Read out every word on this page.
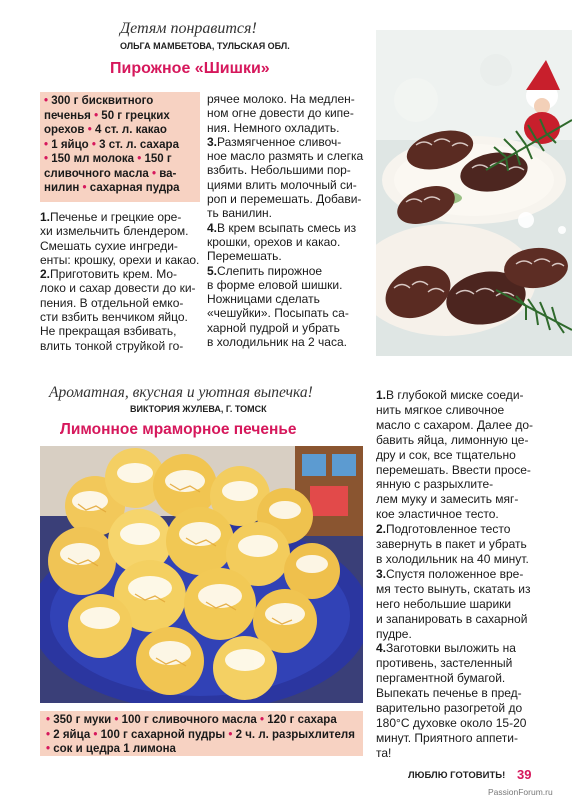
Детям понравится!
ОЛЬГА МАМБЕТОВА, ТУЛЬСКАЯ ОБЛ.
Пирожное «Шишки»
• 300 г бисквитного
печенья • 50 г грецких
орехов • 4 ст. л. какао
• 1 яйцо • 3 ст. л. сахара
• 150 мл молока • 150 г
сливочного масла • ва-
нилин • сахарная пудра

1.Печенье и грецкие оре-
хи измельчить блендером.
Смешать сухие ингреди-
енты: крошку, орехи и какао.

2.Приготовить крем. Мо-
локо и сахар довести до ки-
пения. В отдельной емко-
сти взбить венчиком яйцо.
Не прекращая взбивать,
влить тонкой струйкой го-

рячее молоко. На медлен-
ном огне довести до кипе-
ния. Немного охладить.

3.Размягченное сливоч-
ное масло размять и слегка
взбить. Небольшими пор-
циями влить молочный си-
роп и перемешать. Добави-
ть ванилин.

4.В крем всыпать смесь из
крошки, орехов и какао.
Перемешать.

5.Слепить пирожное
в форме еловой шишки.
Ножницами сделать
«чешуйки». Посыпать са-
харной пудрой и убрать
в холодильник на 2 часа.

Ароматная, вкусная и уютная выпечка!
ВИКТОРИЯ ЖУЛЕВА, Г. ТОМСК
Лимонное мраморное печенье
• 350 г муки • 100 г сливочного масла • 120 г сахара
• 2 яйца • 100 г сахарной пудры • 2 ч. л. разрыхлителя
• сок и цедра 1 лимона

1.В глубокой миске соеди-
нить мягкое сливочное
масло с сахаром. Далее до-
бавить яйца, лимонную це-
дру и сок, все тщательно
перемешать. Ввести просе-
янную с разрыхлите-
лем муку и замесить мяг-
кое эластичное тесто.

2.Подготовленное тесто
завернуть в пакет и убрать
в холодильник на 40 минут.

3.Спустя положенное вре-
мя тесто вынуть, скатать из
него небольшие шарики
и запанировать в сахарной
пудре.

4.Заготовки выложить на
противень, застеленный
пергаментной бумагой.
Выпекать печенье в пред-
варительно разогретой до
180°С духовке около 15-20
минут. Приятного аппети-
та!

ЛЮБЛЮ ГОТОВИТЬ! 39
PassionForum.ru
